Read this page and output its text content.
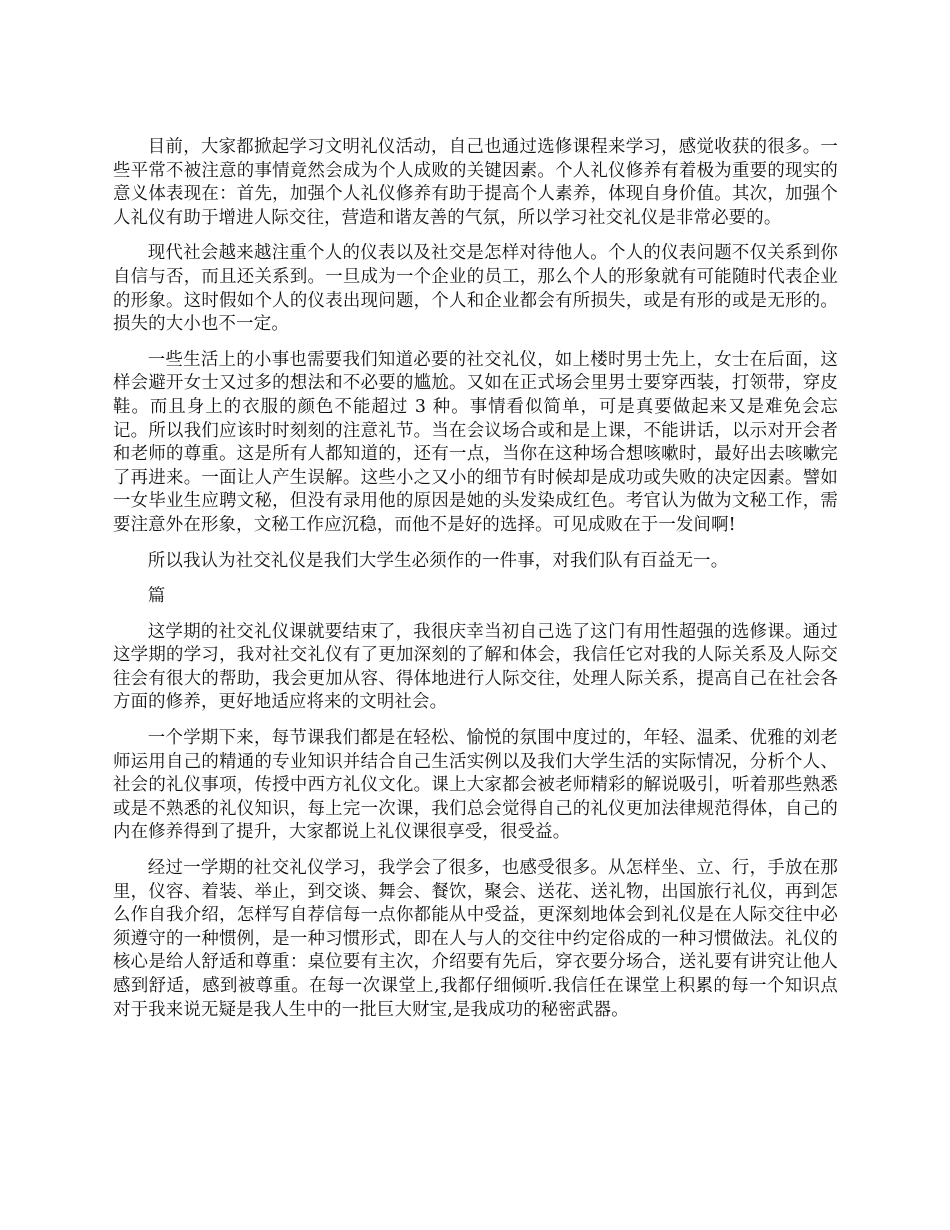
目前，大家都掀起学习文明礼仪活动，自己也通过选修课程来学习，感觉收获的很多。一些平常不被注意的事情竟然会成为个人成败的关键因素。个人礼仪修养有着极为重要的现实的意义体表现在：首先，加强个人礼仪修养有助于提高个人素养，体现自身价值。其次，加强个人礼仪有助于增进人际交往，营造和谐友善的气氛，所以学习社交礼仪是非常必要的。

现代社会越来越注重个人的仪表以及社交是怎样对待他人。个人的仪表问题不仅关系到你自信与否，而且还关系到。一旦成为一个企业的员工，那么个人的形象就有可能随时代表企业的形象。这时假如个人的仪表出现问题，个人和企业都会有所损失，或是有形的或是无形的。损失的大小也不一定。

一些生活上的小事也需要我们知道必要的社交礼仪，如上楼时男士先上，女士在后面，这样会避开女士又过多的想法和不必要的尴尬。又如在正式场会里男士要穿西装，打领带，穿皮鞋。而且身上的衣服的颜色不能超过 3 种。事情看似简单，可是真要做起来又是难免会忘记。所以我们应该时时刻刻的注意礼节。当在会议场合或和是上课，不能讲话，以示对开会者和老师的尊重。这是所有人都知道的，还有一点，当你在这种场合想咳嗽时，最好出去咳嗽完了再进来。一面让人产生误解。这些小之又小的细节有时候却是成功或失败的决定因素。譬如一女毕业生应聘文秘，但没有录用他的原因是她的头发染成红色。考官认为做为文秘工作，需要注意外在形象，文秘工作应沉稳，而他不是好的选择。可见成败在于一发间啊!

所以我认为社交礼仪是我们大学生必须作的一件事，对我们队有百益无一。

篇

这学期的社交礼仪课就要结束了，我很庆幸当初自己选了这门有用性超强的选修课。通过这学期的学习，我对社交礼仪有了更加深刻的了解和体会，我信任它对我的人际关系及人际交往会有很大的帮助，我会更加从容、得体地进行人际交往，处理人际关系，提高自己在社会各方面的修养，更好地适应将来的文明社会。

一个学期下来，每节课我们都是在轻松、愉悦的氛围中度过的，年轻、温柔、优雅的刘老师运用自己的精通的专业知识并结合自己生活实例以及我们大学生活的实际情况，分析个人、社会的礼仪事项，传授中西方礼仪文化。课上大家都会被老师精彩的解说吸引，听着那些熟悉或是不熟悉的礼仪知识，每上完一次课，我们总会觉得自己的礼仪更加法律规范得体，自己的内在修养得到了提升，大家都说上礼仪课很享受，很受益。

经过一学期的社交礼仪学习，我学会了很多，也感受很多。从怎样坐、立、行，手放在那里，仪容、着装、举止，到交谈、舞会、餐饮，聚会、送花、送礼物，出国旅行礼仪，再到怎么作自我介绍，怎样写自荐信每一点你都能从中受益，更深刻地体会到礼仪是在人际交往中必须遵守的一种惯例，是一种习惯形式，即在人与人的交往中约定俗成的一种习惯做法。礼仪的核心是给人舒适和尊重：桌位要有主次，介绍要有先后，穿衣要分场合，送礼要有讲究让他人感到舒适，感到被尊重。在每一次课堂上,我都仔细倾听.我信任在课堂上积累的每一个知识点对于我来说无疑是我人生中的一批巨大财宝,是我成功的秘密武器。
